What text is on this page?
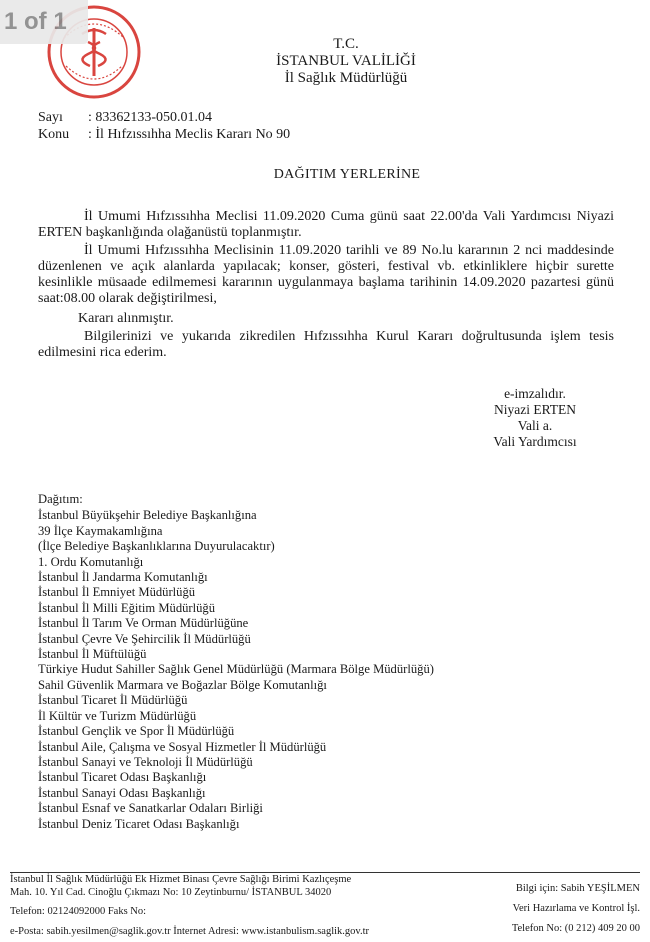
1 of 1
T.C.
İSTANBUL VALİLİĞİ
İl Sağlık Müdürlüğü
Sayı : 83362133-050.01.04
Konu : İl Hıfzıssıhha Meclis Kararı No 90
DAĞITIM YERLERİNE

İl Umumi Hıfzıssıhha Meclisi 11.09.2020 Cuma günü saat 22.00'da Vali Yardımcısı Niyazi ERTEN başkanlığında olağanüstü toplanmıştır.

İl Umumi Hıfzıssıhha Meclisinin 11.09.2020 tarihli ve 89 No.lu kararının 2 nci maddesinde düzenlenen ve açık alanlarda yapılacak; konser, gösteri, festival vb. etkinliklere hiçbir surette kesinlikle müsaade edilmemesi kararının uygulanmaya başlama tarihinin 14.09.2020 pazartesi günü saat:08.00 olarak değiştirilmesi,

Kararı alınmıştır.

Bilgilerinizi ve yukarıda zikredilen Hıfzıssıhha Kurul Kararı doğrultusunda işlem tesis edilmesini rica ederim.

e-imzalıdır.
Niyazi ERTEN
Vali a.
Vali Yardımcısı
Dağıtım:
İstanbul Büyükşehir Belediye Başkanlığına
39 İlçe Kaymakamlığına
(İlçe Belediye Başkanlıklarına Duyurulacaktır)
1. Ordu Komutanlığı
İstanbul İl Jandarma Komutanlığı
İstanbul İl Emniyet Müdürlüğü
İstanbul İl Milli Eğitim Müdürlüğü
İstanbul İl Tarım Ve Orman Müdürlüğüne
İstanbul Çevre Ve Şehircilik İl Müdürlüğü
İstanbul İl Müftülüğü
Türkiye Hudut Sahiller Sağlık Genel Müdürlüğü (Marmara Bölge Müdürlüğü)
Sahil Güvenlik Marmara ve Boğazlar Bölge Komutanlığı
İstanbul Ticaret İl Müdürlüğü
İl Kültür ve Turizm Müdürlüğü
İstanbul Gençlik ve Spor İl Müdürlüğü
İstanbul Aile, Çalışma ve Sosyal Hizmetler İl Müdürlüğü
İstanbul Sanayi ve Teknoloji İl Müdürlüğü
İstanbul Ticaret Odası Başkanlığı
İstanbul Sanayi Odası Başkanlığı
İstanbul Esnaf ve Sanatkarlar Odaları Birliği
İstanbul Deniz Ticaret Odası Başkanlığı
İstanbul İl Sağlık Müdürlüğü Ek Hizmet Binası Çevre Sağlığı Birimi Kazlıçeşme
Mah. 10. Yıl Cad. Cinoğlu Çıkmazı No: 10 Zeytinburnu/ İSTANBUL 34020
Telefon: 02124092000 Faks No:
e-Posta: sabih.yesilmen@saglik.gov.tr İnternet Adresi: www.istanbulism.saglik.gov.tr
Bilgi için: Sabih YEŞİLMEN
Veri Hazırlama ve Kontrol İşl.
Telefon No: (0 212) 409 20 00
